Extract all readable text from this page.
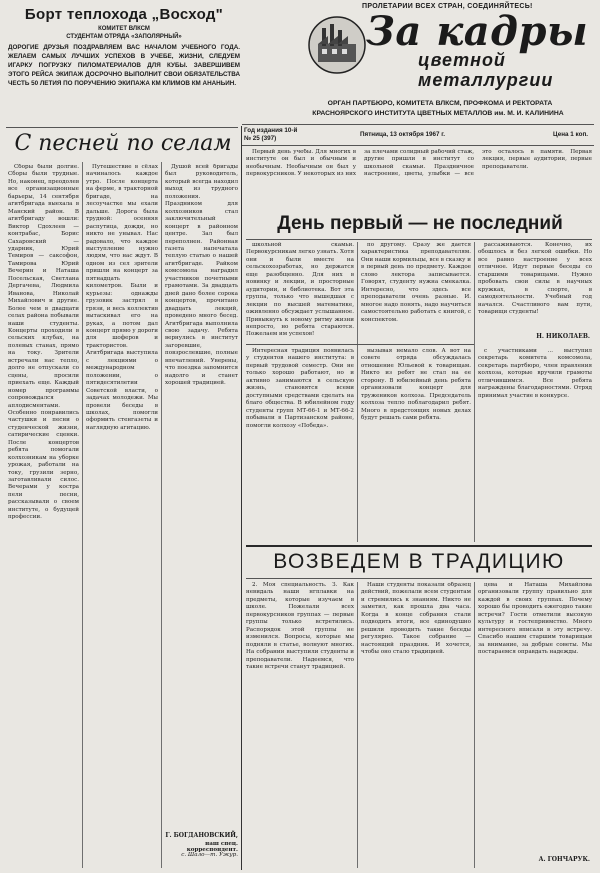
Борт теплохода „Восход"
КОМИТЕТ ВЛКСМ
СТУДЕНТАМ ОТРЯДА «ЗАПОЛЯРНЫЙ»
ДОРОГИЕ ДРУЗЬЯ ПОЗДРАВЛЯЕМ ВАС НАЧАЛОМ УЧЕБНОГО ГОДА. ЖЕЛАЕМ САМЫХ ЛУЧШИХ УСПЕХОВ В УЧЕБЕ, ЖИЗНИ, СЛЕДУЕМ ИГАРКУ ПОГРУЗКУ ПИЛОМАТЕРИАЛОВ ДЛЯ КУБЫ. ЗАВЕРШИВЕМ ЭТОГО РЕЙСА ЭКИПАЖ ДОСРОЧНО ВЫПОЛНИТ СВОИ ОБЯЗАТЕЛЬСТВА ЧЕСТЬ 50 ЛЕТИЯ ПО ПОРУЧЕНИЮ ЭКИПАЖА КМ КЛИМОВ КМ АНАНЬИН.
ПРОЛЕТАРИИ ВСЕХ СТРАН, СОЕДИНЯЙТЕСЬ!
За кадры
цветной
металлургии
ОРГАН ПАРТБЮРО, КОМИТЕТА ВЛКСМ, ПРОФКОМА И РЕКТОРАТА
КРАСНОЯРСКОГО ИНСТИТУТА ЦВЕТНЫХ МЕТАЛЛОВ им. М. И. КАЛИНИНА
Год издания 10-й
№ 25 (397)
Пятница, 13 октября 1967 г.	Цена 1 коп.
С песней по селам

Сборы были долгие. Сборы были трудные. Но, наконец, преодолев все организационные барьеры, 14 сентября агитбригада выехала в Манский район. В агитбригаду вошли: Виктор Сдохлеев — контрабас, Борис Сахаровский — ударник, Юрий Темиров — саксофон, Тамирова Юрий Вечерин и Наташа Посельская, Светлана Дергачева, Людмила Иванова, Николай Михайлович и другие. Более чем в двадцати селах района побывали наши студенты. Концерты проходили в сельских клубах, на полевых станах, прямо на току. Зрители встречали нас тепло, долго не отпускали со сцены, просили приехать еще. Каждый номер программы сопровождался аплодисментами. Особенно понравились частушки и песни о студенческой жизни, сатирические сценки. После концертов ребята помогали колхозникам на уборке урожая, работали на току, грузили зерно, заготавливали силос. Вечерами у костра пели песни, рассказывали о своем институте, о будущей профессии.

Путешествие в сёлах начиналось каждое утро. После концерта на ферме, в тракторной бригаде, на лесоучастке мы ехали дальше. Дорога была трудной: осенняя распутица, дожди, но никто не унывал. Нас радовало, что каждое выступление нужно людям, что нас ждут. В одном из сел зрители пришли на концерт за пятнадцать километров. Были и курьезы: однажды грузовик застрял в грязи, и весь коллектив вытаскивал его на руках, а потом дал концерт прямо у дороги для шоферов и трактористов. Агитбригада выступила с лекциями о международном положении, о пятидесятилетии Советской власти, о задачах молодежи. Мы провели беседы в школах, помогли оформить стенгазеты и наглядную агитацию.

Душой всей бригады был руководитель, который всегда находил выход из трудного положения. Праздником для колхозников стал заключительный концерт в районном центре. Зал был переполнен. Районная газета напечатала теплую статью о нашей агитбригаде. Райком комсомола наградил участников почетными грамотами. За двадцать дней дано более сорока концертов, прочитано двадцать лекций, проведено много бесед. Агитбригада выполнила свою задачу. Ребята вернулись в институт загоревшие, повзрослевшие, полные впечатлений. Уверены, что поездка запомнится надолго и станет хорошей традицией.

Г. БОГДАНОВСКИЙ,
наш спец. корреспондент.
с. Шало—т. Ужур.

Первый день учебы. Для многих в институте он был и обычным и необычным. Необычным он был у первокурсников. У некоторых из них за плечами солидный рабочий стаж, другие пришли в институт со школьной скамьи. Праздничное настроение, цветы, улыбки — все это осталось в памяти. Первая лекция, первые аудитории, первые преподаватели.

День первый — не последний

школьной скамьи. Первокурсникам легко узнать. Хотя они и были вместе на сельскохозработах, но держатся еще разобщенно. Для них в новинку и лекции, и просторные аудитории, и библиотека. Вот эта группа, только что вышедшая с лекции по высшей математике, оживленно обсуждает услышанное. Привыкнуть к новому ритму жизни непросто, но ребята стараются. Пожелаем им успехов!

по другому. Сразу же дается характеристика преподавателям. Они наши кормильцы, все в сказку и в первый день по предмету. Каждое слово лектора записывается. Говорят, студенту нужна смекалка. Интересно, что здесь все преподаватели очень разные. И. многое надо понять, надо научиться самостоятельно работать с книгой, с конспектом.

рассаживаются. Конечно, их обошлось и без легкой ошибки. Но все равно настроение у всех отличное. Идут первые беседы со старшими товарищами. Нужно пробовать свои силы в научных кружках, в спорте, в самодеятельности. Учебный год начался. Счастливого вам пути, товарищи студенты!

Н. НИКОЛАЕВ.

Интересная традиция появилась у студентов нашего института: в первый трудовой семестр. Они не только хорошо работают, но и активно занимаются в сельскую жизнь, становятся всеми доступными средствами сделать на благо общества. В юбилейном году студенты групп МТ-66-1 и МТ-66-2 побывали в Партизанском районе, помогли колхозу «Победа».

вызывая немало слов. А вот на совете отряда обсуждалась отношение Юльевой к товарищам. Никто из ребят не стал на ее сторону. В юбилейный день ребята организовали концерт для тружеников колхоза. Председатель колхоза тепло поблагодарил ребят. Много в предстоящих новых делах будут решать сами ребята.

с участниками ... выступил секретарь комитета комсомола, секретарь партбюро, член правления колхоза, которые вручили грамоты отличившимся. Все ребята награждены благодарностями. Отряд принимал участие в конкурсе.

ВОЗВЕДЕМ В ТРАДИЦИЮ

2. Моя специальность. З. Как невидаль наши нгплавки на предметы, которые изучаем в школе. Пожелали всех первокурсников группах — первые группы только встретились. Распорядок этой группы не изменился. Вопросы, которые мы подняли в статье, волнуют многих. На собрании выступили студенты и преподаватели. Надеемся, что такие встречи станут традицией.

Наши студенты показали образец действий, пожелали всем студентам и стремились к знаниям. Никто не заметил, как прошла два часа. Когда в конце собрания стали подводить итоги, все единодушно решили проводить такие беседы регулярно. Такое собрание — настоящий праздник. И хочется, чтобы оно стало традицией.

цева и Наташа Михайлова организовали группу правильно для каждой в своих группах. Почему хорошо бы проводить ежегодно такие встречи? Гости отметили высокую культуру и гостеприимство. Много интересного вписали в эту встречу. Спасибо нашим старшим товарищам за внимание, за добрые советы. Мы постараемся оправдать надежды.

А. ГОНЧАРУК.
